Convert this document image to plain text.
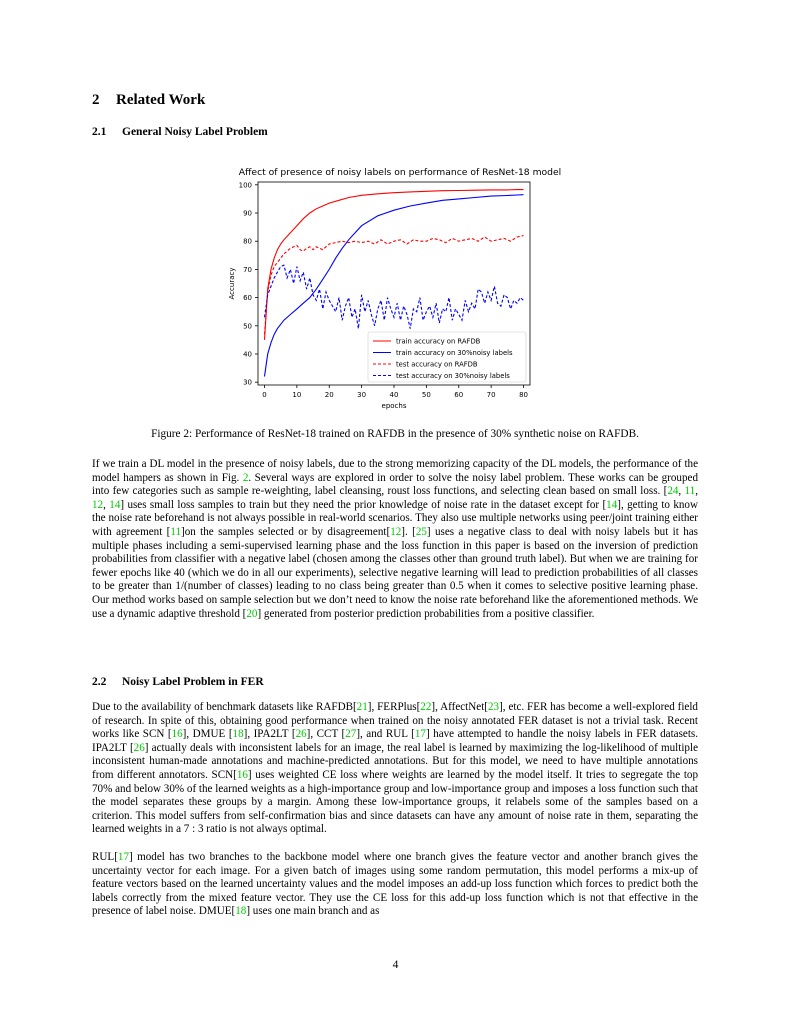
2 Related Work
2.1 General Noisy Label Problem
Affect of presence of noisy labels on performance of ResNet-18 model
30
40
50
60
70
80
90
100
0	10	20	30	40	50	60	70	80
epochs
Accuracy
train accuracy on RAFDB
train accuracy on 30%noisy labels
test accuracy on RAFDB
test accuracy on 30%noisy labels
Figure 2: Performance of ResNet-18 trained on RAFDB in the presence of 30% synthetic noise on RAFDB.

If we train a DL model in the presence of noisy labels, due to the strong memorizing capacity of the DL models, the performance of the model hampers as shown in Fig. 2. Several ways are explored in order to solve the noisy label problem. These works can be grouped into few categories such as sample re-weighting, label cleansing, roust loss functions, and selecting clean based on small loss. [24, 11, 12, 14] uses small loss samples to train but they need the prior knowledge of noise rate in the dataset except for [14], getting to know the noise rate beforehand is not always possible in real-world scenarios. They also use multiple networks using peer/joint training either with agreement [11]on the samples selected or by disagreement[12]. [25] uses a negative class to deal with noisy labels but it has multiple phases including a semi-supervised learning phase and the loss function in this paper is based on the inversion of prediction probabilities from classifier with a negative label (chosen among the classes other than ground truth label). But when we are training for fewer epochs like 40 (which we do in all our experiments), selective negative learning will lead to prediction probabilities of all classes to be greater than 1/(number of classes) leading to no class being greater than 0.5 when it comes to selective positive learning phase. Our method works based on sample selection but we don’t need to know the noise rate beforehand like the aforementioned methods. We use a dynamic adaptive threshold [20] generated from posterior prediction probabilities from a positive classifier.

2.2 Noisy Label Problem in FER

Due to the availability of benchmark datasets like RAFDB[21], FERPlus[22], AffectNet[23], etc. FER has become a well-explored field of research. In spite of this, obtaining good performance when trained on the noisy annotated FER dataset is not a trivial task. Recent works like SCN [16], DMUE [18], IPA2LT [26], CCT [27], and RUL [17] have attempted to handle the noisy labels in FER datasets. IPA2LT [26] actually deals with inconsistent labels for an image, the real label is learned by maximizing the log-likelihood of multiple inconsistent human-made annotations and machine-predicted annotations. But for this model, we need to have multiple annotations from different annotators. SCN[16] uses weighted CE loss where weights are learned by the model itself. It tries to segregate the top 70% and below 30% of the learned weights as a high-importance group and low-importance group and imposes a loss function such that the model separates these groups by a margin. Among these low-importance groups, it relabels some of the samples based on a criterion. This model suffers from self-confirmation bias and since datasets can have any amount of noise rate in them, separating the learned weights in a 7 : 3 ratio is not always optimal.

RUL[17] model has two branches to the backbone model where one branch gives the feature vector and another branch gives the uncertainty vector for each image. For a given batch of images using some random permutation, this model performs a mix-up of feature vectors based on the learned uncertainty values and the model imposes an add-up loss function which forces to predict both the labels correctly from the mixed feature vector. They use the CE loss for this add-up loss function which is not that effective in the presence of label noise. DMUE[18] uses one main branch and as

4
